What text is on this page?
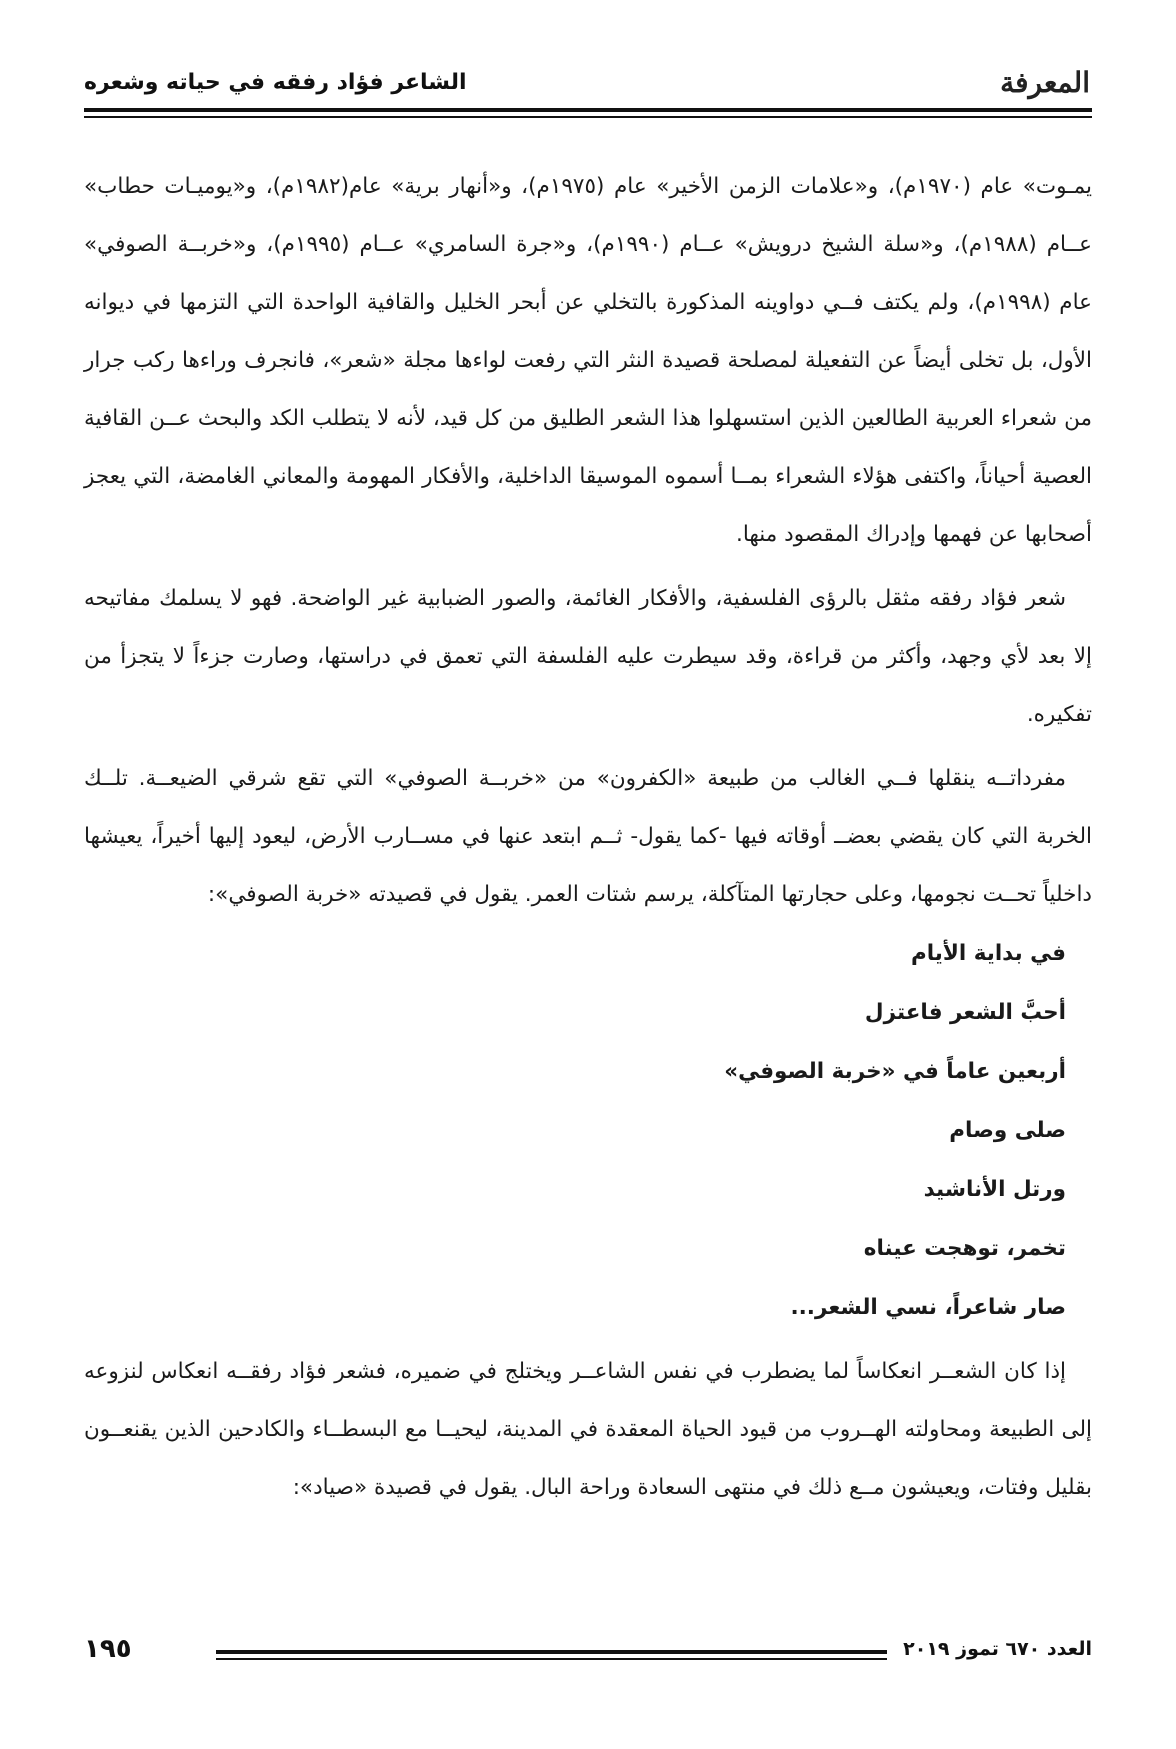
المعرفة
الشاعر فؤاد رفقه في حياته وشعره

يمـوت» عام (١٩٧٠م)، و«علامات الزمن الأخير» عام (١٩٧٥م)، و«أنهار برية» عام(١٩٨٢م)، و«يوميـات حطاب» عــام (١٩٨٨م)، و«سلة الشيخ درويش» عــام (١٩٩٠م)، و«جرة السامري» عــام (١٩٩٥م)، و«خربــة الصوفي» عام (١٩٩٨م)، ولم يكتف فــي دواوينه المذكورة بالتخلي عن أبحر الخليل والقافية الواحدة التي التزمها في ديوانه الأول، بل تخلى أيضاً عن التفعيلة لمصلحة قصيدة النثر التي رفعت لواءها مجلة «شعر»، فانجرف وراءها ركب جرار من شعراء العربية الطالعين الذين استسهلوا هذا الشعر الطليق من كل قيد، لأنه لا يتطلب الكد والبحث عــن القافية العصية أحياناً، واكتفى هؤلاء الشعراء بمــا أسموه الموسيقا الداخلية، والأفكار المهومة والمعاني الغامضة، التي يعجز أصحابها عن فهمها وإدراك المقصود منها.

شعر فؤاد رفقه مثقل بالرؤى الفلسفية، والأفكار الغائمة، والصور الضبابية غير الواضحة. فهو لا يسلمك مفاتيحه إلا بعد لأي وجهد، وأكثر من قراءة، وقد سيطرت عليه الفلسفة التي تعمق في دراستها، وصارت جزءاً لا يتجزأ من تفكيره.

مفرداتــه ينقلها فــي الغالب من طبيعة «الكفرون» من «خربــة الصوفي» التي تقع شرقي الضيعــة. تلــك الخربة التي كان يقضي بعضــ أوقاته فيها -كما يقول- ثــم ابتعد عنها في مســارب الأرض، ليعود إليها أخيراً، يعيشها داخلياً تحــت نجومها، وعلى حجارتها المتآكلة، يرسم شتات العمر. يقول في قصيدته «خربة الصوفي»:

في بداية الأيام
أحبَّ الشعر فاعتزل
أربعين عاماً في «خربة الصوفي»
صلى وصام
ورتل الأناشيد
تخمر، توهجت عيناه
صار شاعراً، نسي الشعر...

إذا كان الشعــر انعكاساً لما يضطرب في نفس الشاعــر ويختلج في ضميره، فشعر فؤاد رفقــه انعكاس لنزوعه إلى الطبيعة ومحاولته الهــروب من قيود الحياة المعقدة في المدينة، ليحيــا مع البسطــاء والكادحين الذين يقنعــون بقليل وفتات، ويعيشون مــع ذلك في منتهى السعادة وراحة البال. يقول في قصيدة «صياد»:

العدد ٦٧٠ تموز ٢٠١٩
١٩٥
